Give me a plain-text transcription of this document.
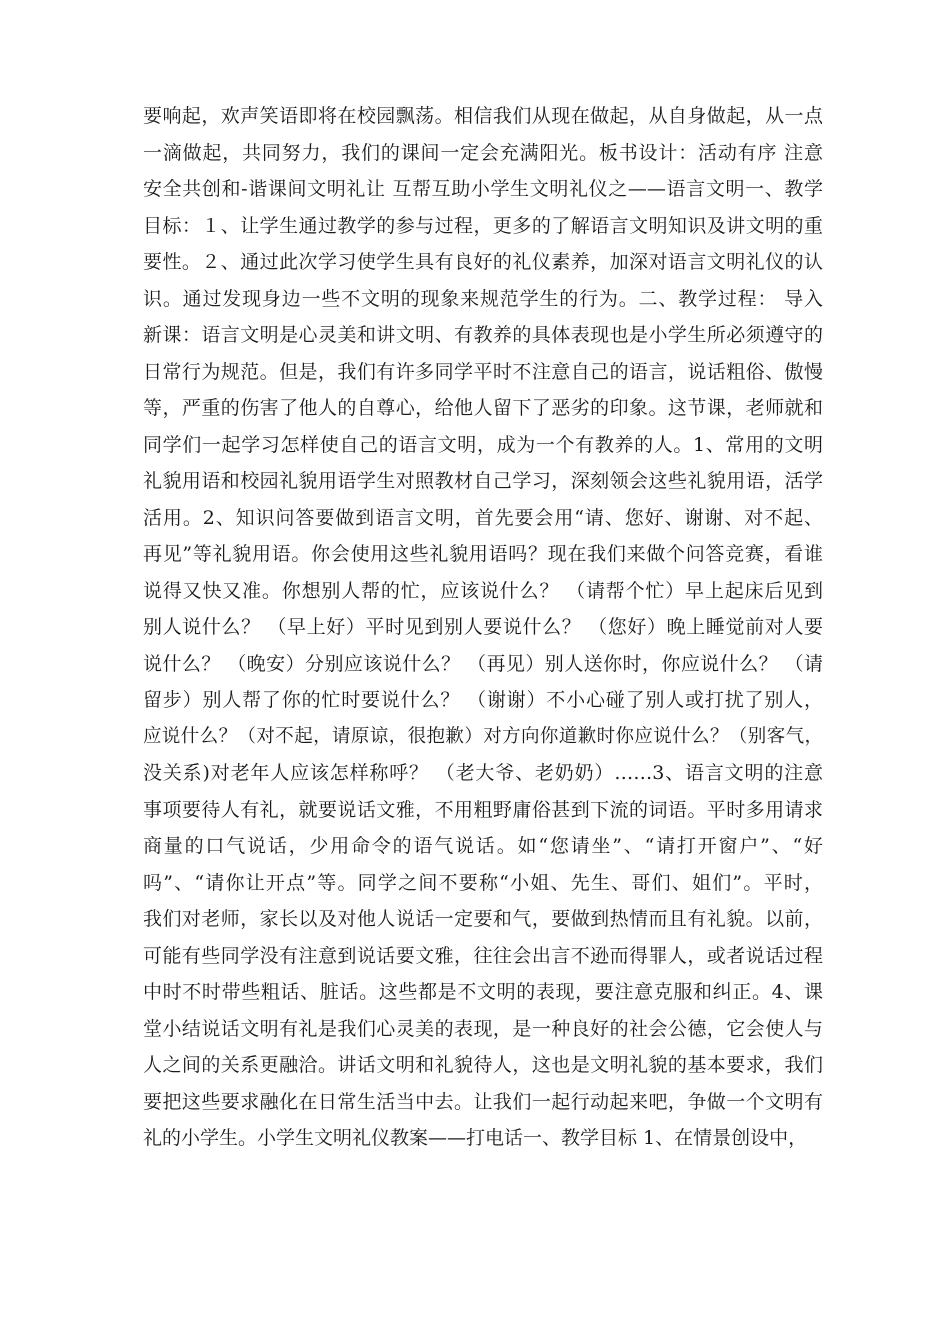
要响起，欢声笑语即将在校园飘荡。相信我们从现在做起，从自身做起，从一点
一滴做起，共同努力，我们的课间一定会充满阳光。板书设计：活动有序 注意
安全共创和-谐课间文明礼让 互帮互助小学生文明礼仪之——语言文明一、教学
目标：１、让学生通过教学的参与过程，更多的了解语言文明知识及讲文明的重
要性。２、通过此次学习使学生具有良好的礼仪素养，加深对语言文明礼仪的认
识。通过发现身边一些不文明的现象来规范学生的行为。二、教学过程： 导入
新课：语言文明是心灵美和讲文明、有教养的具体表现也是小学生所必须遵守的
日常行为规范。但是，我们有许多同学平时不注意自己的语言，说话粗俗、傲慢
等，严重的伤害了他人的自尊心，给他人留下了恶劣的印象。这节课，老师就和
同学们一起学习怎样使自己的语言文明，成为一个有教养的人。1、常用的文明
礼貌用语和校园礼貌用语学生对照教材自己学习，深刻领会这些礼貌用语，活学
活用。2、知识问答要做到语言文明，首先要会用“请、您好、谢谢、对不起、
再见”等礼貌用语。你会使用这些礼貌用语吗？现在我们来做个问答竞赛，看谁
说得又快又准。你想别人帮的忙，应该说什么？ （请帮个忙）早上起床后见到
别人说什么？ （早上好）平时见到别人要说什么？ （您好）晚上睡觉前对人要
说什么？ （晚安）分别应该说什么？ （再见）别人送你时，你应说什么？ （请
留步）别人帮了你的忙时要说什么？ （谢谢）不小心碰了别人或打扰了别人，
应说什么？（对不起，请原谅，很抱歉）对方向你道歉时你应说什么？（别客气，
没关系)对老年人应该怎样称呼？ （老大爷、老奶奶）……3、语言文明的注意
事项要待人有礼，就要说话文雅，不用粗野庸俗甚到下流的词语。平时多用请求
商量的口气说话，少用命令的语气说话。如“您请坐”、“请打开窗户”、“好
吗”、“请你让开点”等。同学之间不要称“小姐、先生、哥们、姐们”。平时，
我们对老师，家长以及对他人说话一定要和气，要做到热情而且有礼貌。以前，
可能有些同学没有注意到说话要文雅，往往会出言不逊而得罪人，或者说话过程
中时不时带些粗话、脏话。这些都是不文明的表现，要注意克服和纠正。4、课
堂小结说话文明有礼是我们心灵美的表现，是一种良好的社会公德，它会使人与
人之间的关系更融洽。讲话文明和礼貌待人，这也是文明礼貌的基本要求，我们
要把这些要求融化在日常生活当中去。让我们一起行动起来吧，争做一个文明有
礼的小学生。小学生文明礼仪教案——打电话一、教学目标 1、在情景创设中，
